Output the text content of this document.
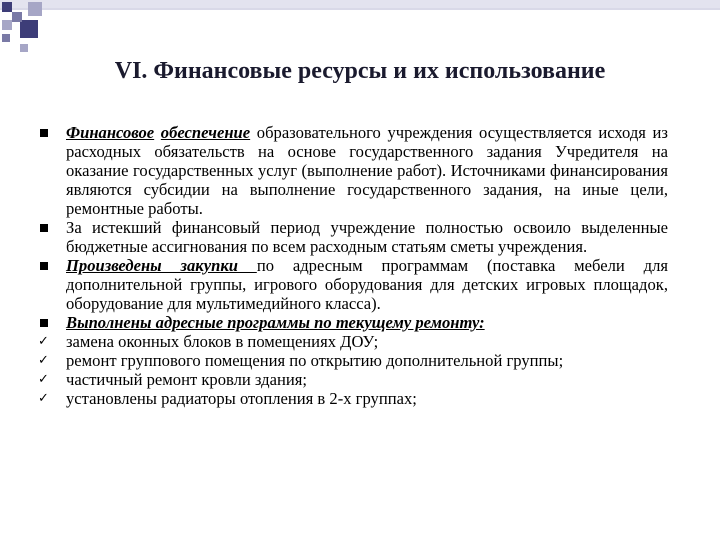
VI. Финансовые ресурсы и их использование
Финансовое обеспечение образовательного учреждения осуществляется исходя из расходных обязательств на основе государственного задания Учредителя на оказание государственных услуг (выполнение работ). Источниками финансирования являются субсидии на выполнение государственного задания, на иные цели, ремонтные работы.
За истекший финансовый период учреждение полностью освоило выделенные бюджетные ассигнования по всем расходным статьям сметы учреждения.
Произведены закупки по адресным программам (поставка мебели для дополнительной группы, игрового оборудования для детских игровых площадок, оборудование для мультимедийного класса).
Выполнены адресные программы по текущему ремонту:
✓ замена оконных блоков в помещениях ДОУ;
✓ ремонт группового помещения по открытию дополнительной группы;
✓ частичный ремонт кровли здания;
✓ установлены радиаторы отопления в 2-х группах;
